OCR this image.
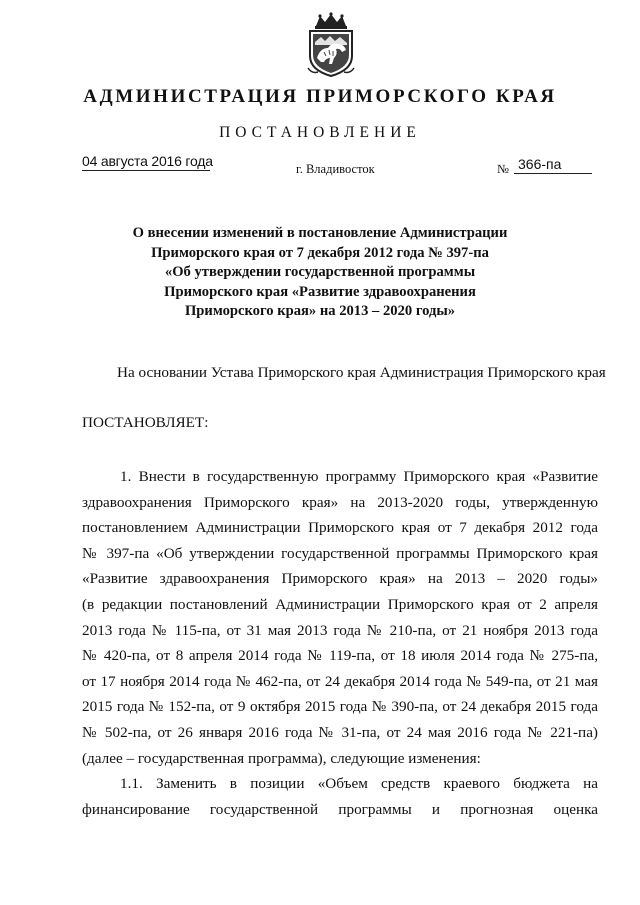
АДМИНИСТРАЦИЯ ПРИМОРСКОГО КРАЯ
ПОСТАНОВЛЕНИЕ
04 августа 2016 года	г. Владивосток	№ 366-па
О внесении изменений в постановление Администрации
Приморского края от 7 декабря 2012 года № 397-па
«Об утверждении государственной программы
Приморского края «Развитие здравоохранения
Приморского края» на 2013 – 2020 годы»
На основании Устава Приморского края Администрация Приморского края
ПОСТАНОВЛЯЕТ:
1. Внести в государственную программу Приморского края «Развитие
здравоохранения Приморского края» на 2013-2020 годы, утвержденную
постановлением Администрации Приморского края от 7 декабря 2012 года
№ 397-па «Об утверждении государственной программы Приморского края
«Развитие здравоохранения Приморского края» на 2013 – 2020 годы»
(в редакции постановлений Администрации Приморского края от 2 апреля
2013 года № 115-па, от 31 мая 2013 года № 210-па, от 21 ноября 2013 года
№ 420-па, от 8 апреля 2014 года № 119-па, от 18 июля 2014 года № 275-па,
от 17 ноября 2014 года № 462-па, от 24 декабря 2014 года № 549-па, от 21 мая
2015 года № 152-па, от 9 октября 2015 года № 390-па, от 24 декабря 2015 года
№ 502-па, от 26 января 2016 года № 31-па, от 24 мая 2016 года № 221-па)
(далее – государственная программа), следующие изменения:
1.1. Заменить в позиции «Объем средств краевого бюджета на
финансирование государственной программы и прогнозная оценка
